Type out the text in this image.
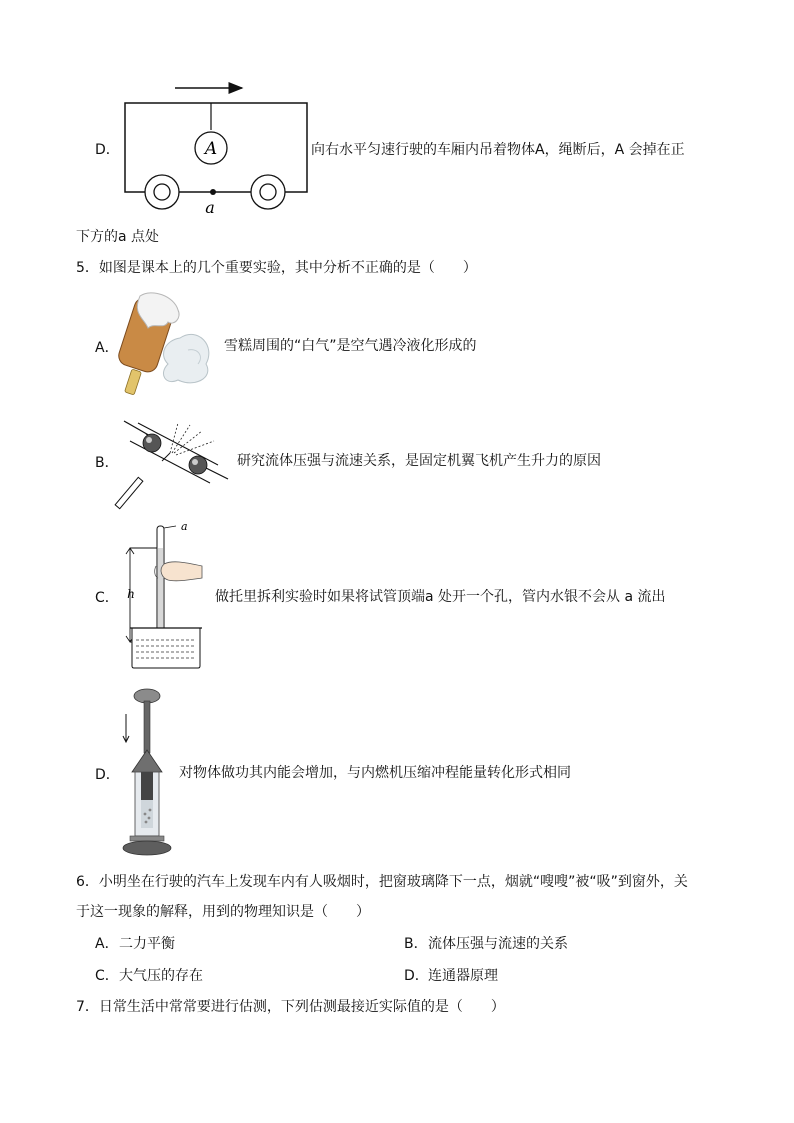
D．	A
a
向右水平匀速行驶的车厢内吊着物体A，绳断后，A 会掉在正
下方的a 点处
5．如图是课本上的几个重要实验，其中分析不正确的是（　　）
A．	雪糕周围的“白气”是空气遇冷液化形成的
B．	研究流体压强与流速关系，是固定机翼飞机产生升力的原因
C． h
a
做托里拆利实验时如果将试管顶端a 处开一个孔，管内水银不会从 a 流出
D．	对物体做功其内能会增加，与内燃机压缩冲程能量转化形式相同
6．小明坐在行驶的汽车上发现车内有人吸烟时，把窗玻璃降下一点，烟就“嗖嗖”被“吸”到窗外，关
于这一现象的解释，用到的物理知识是（　　）
A． 二力平衡	B． 流体压强与流速的关系
C． 大气压的存在	D． 连通器原理
7．日常生活中常常要进行估测，下列估测最接近实际值的是（　　）
